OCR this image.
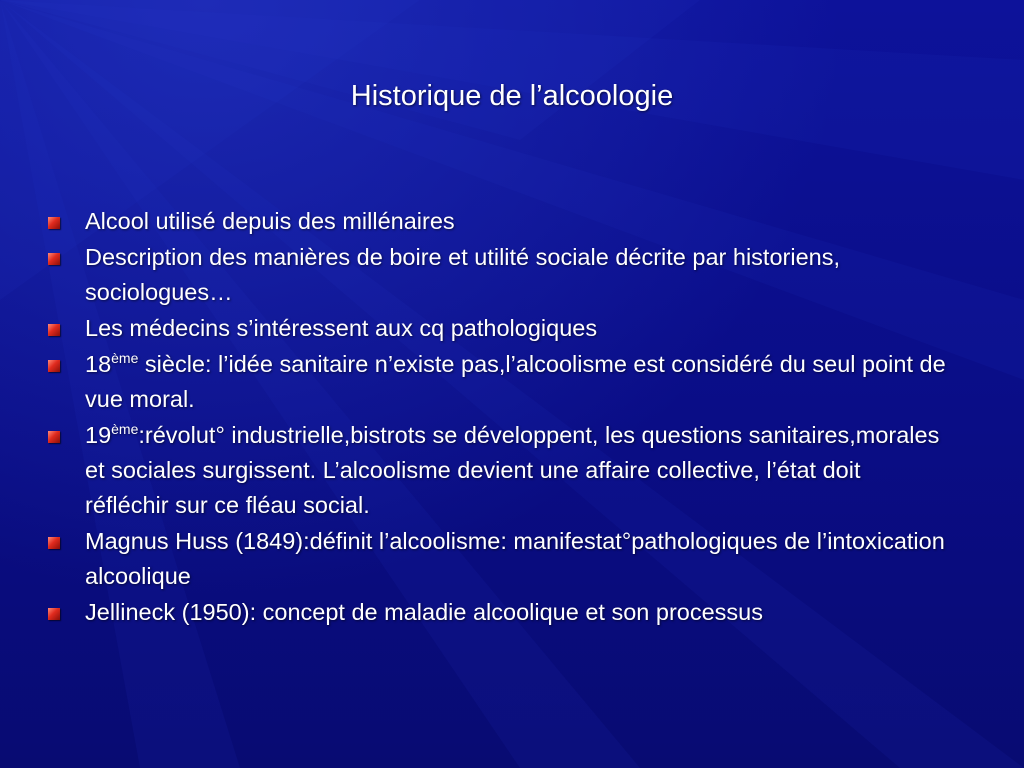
Historique de l’alcoologie
Alcool utilisé depuis des millénaires
Description des manières de boire et utilité sociale décrite par historiens, sociologues…
Les médecins s’intéressent aux cq pathologiques
18ème siècle: l’idée sanitaire n’existe pas,l’alcoolisme est considéré du seul point de vue moral.
19ème:révolut° industrielle,bistrots se développent, les questions sanitaires,morales et sociales surgissent. L’alcoolisme devient une affaire collective, l’état doit réfléchir sur ce fléau social.
Magnus Huss (1849):définit l’alcoolisme: manifestat°pathologiques de l’intoxication alcoolique
Jellineck (1950): concept de maladie alcoolique et son processus
